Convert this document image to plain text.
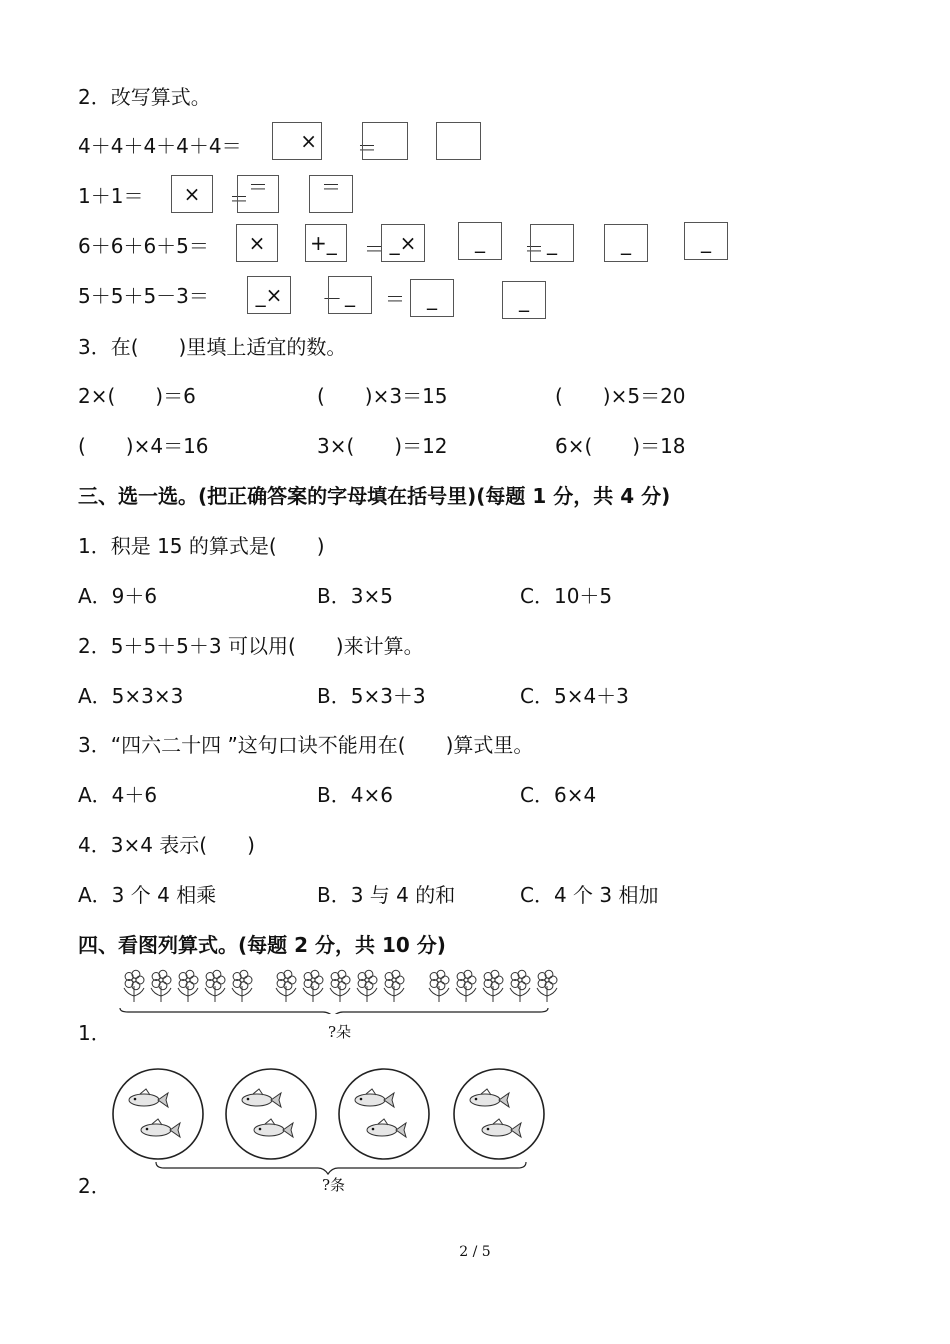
2．改写算式。
4＋4＋4＋4＋4＝	× ＝
1＋1＝	×	＝ ＝	＝
6＋6＋6＋5＝	×	+_	＝ _×	_	＝ _	_	_
5＋5＋5－3＝	_×	－ _	＝	_	_
3．在(　　)里填上适宜的数。
2×(　　)＝6	(　　)×3＝15	(　　)×5＝20
(　　)×4＝16	3×(　　)＝12	6×(　　)＝18
三、选一选。(把正确答案的字母填在括号里)(每题 1 分，共 4 分)
1．积是 15 的算式是(　　)
A．9＋6	B．3×5	C．10＋5
2．5＋5＋5＋3 可以用(　　)来计算。
A．5×3×3	B．5×3＋3	C．5×4＋3
3．“四六二十四 ”这句口诀不能用在(　　)算式里。
A．4＋6	B．4×6	C．6×4
4．3×4 表示(　　)
A．3 个 4 相乘	B．3 与 4 的和	C．4 个 3 相加
四、看图列算式。(每题 2 分，共 10 分)
1．	?朵
2．	?条
2 / 5
